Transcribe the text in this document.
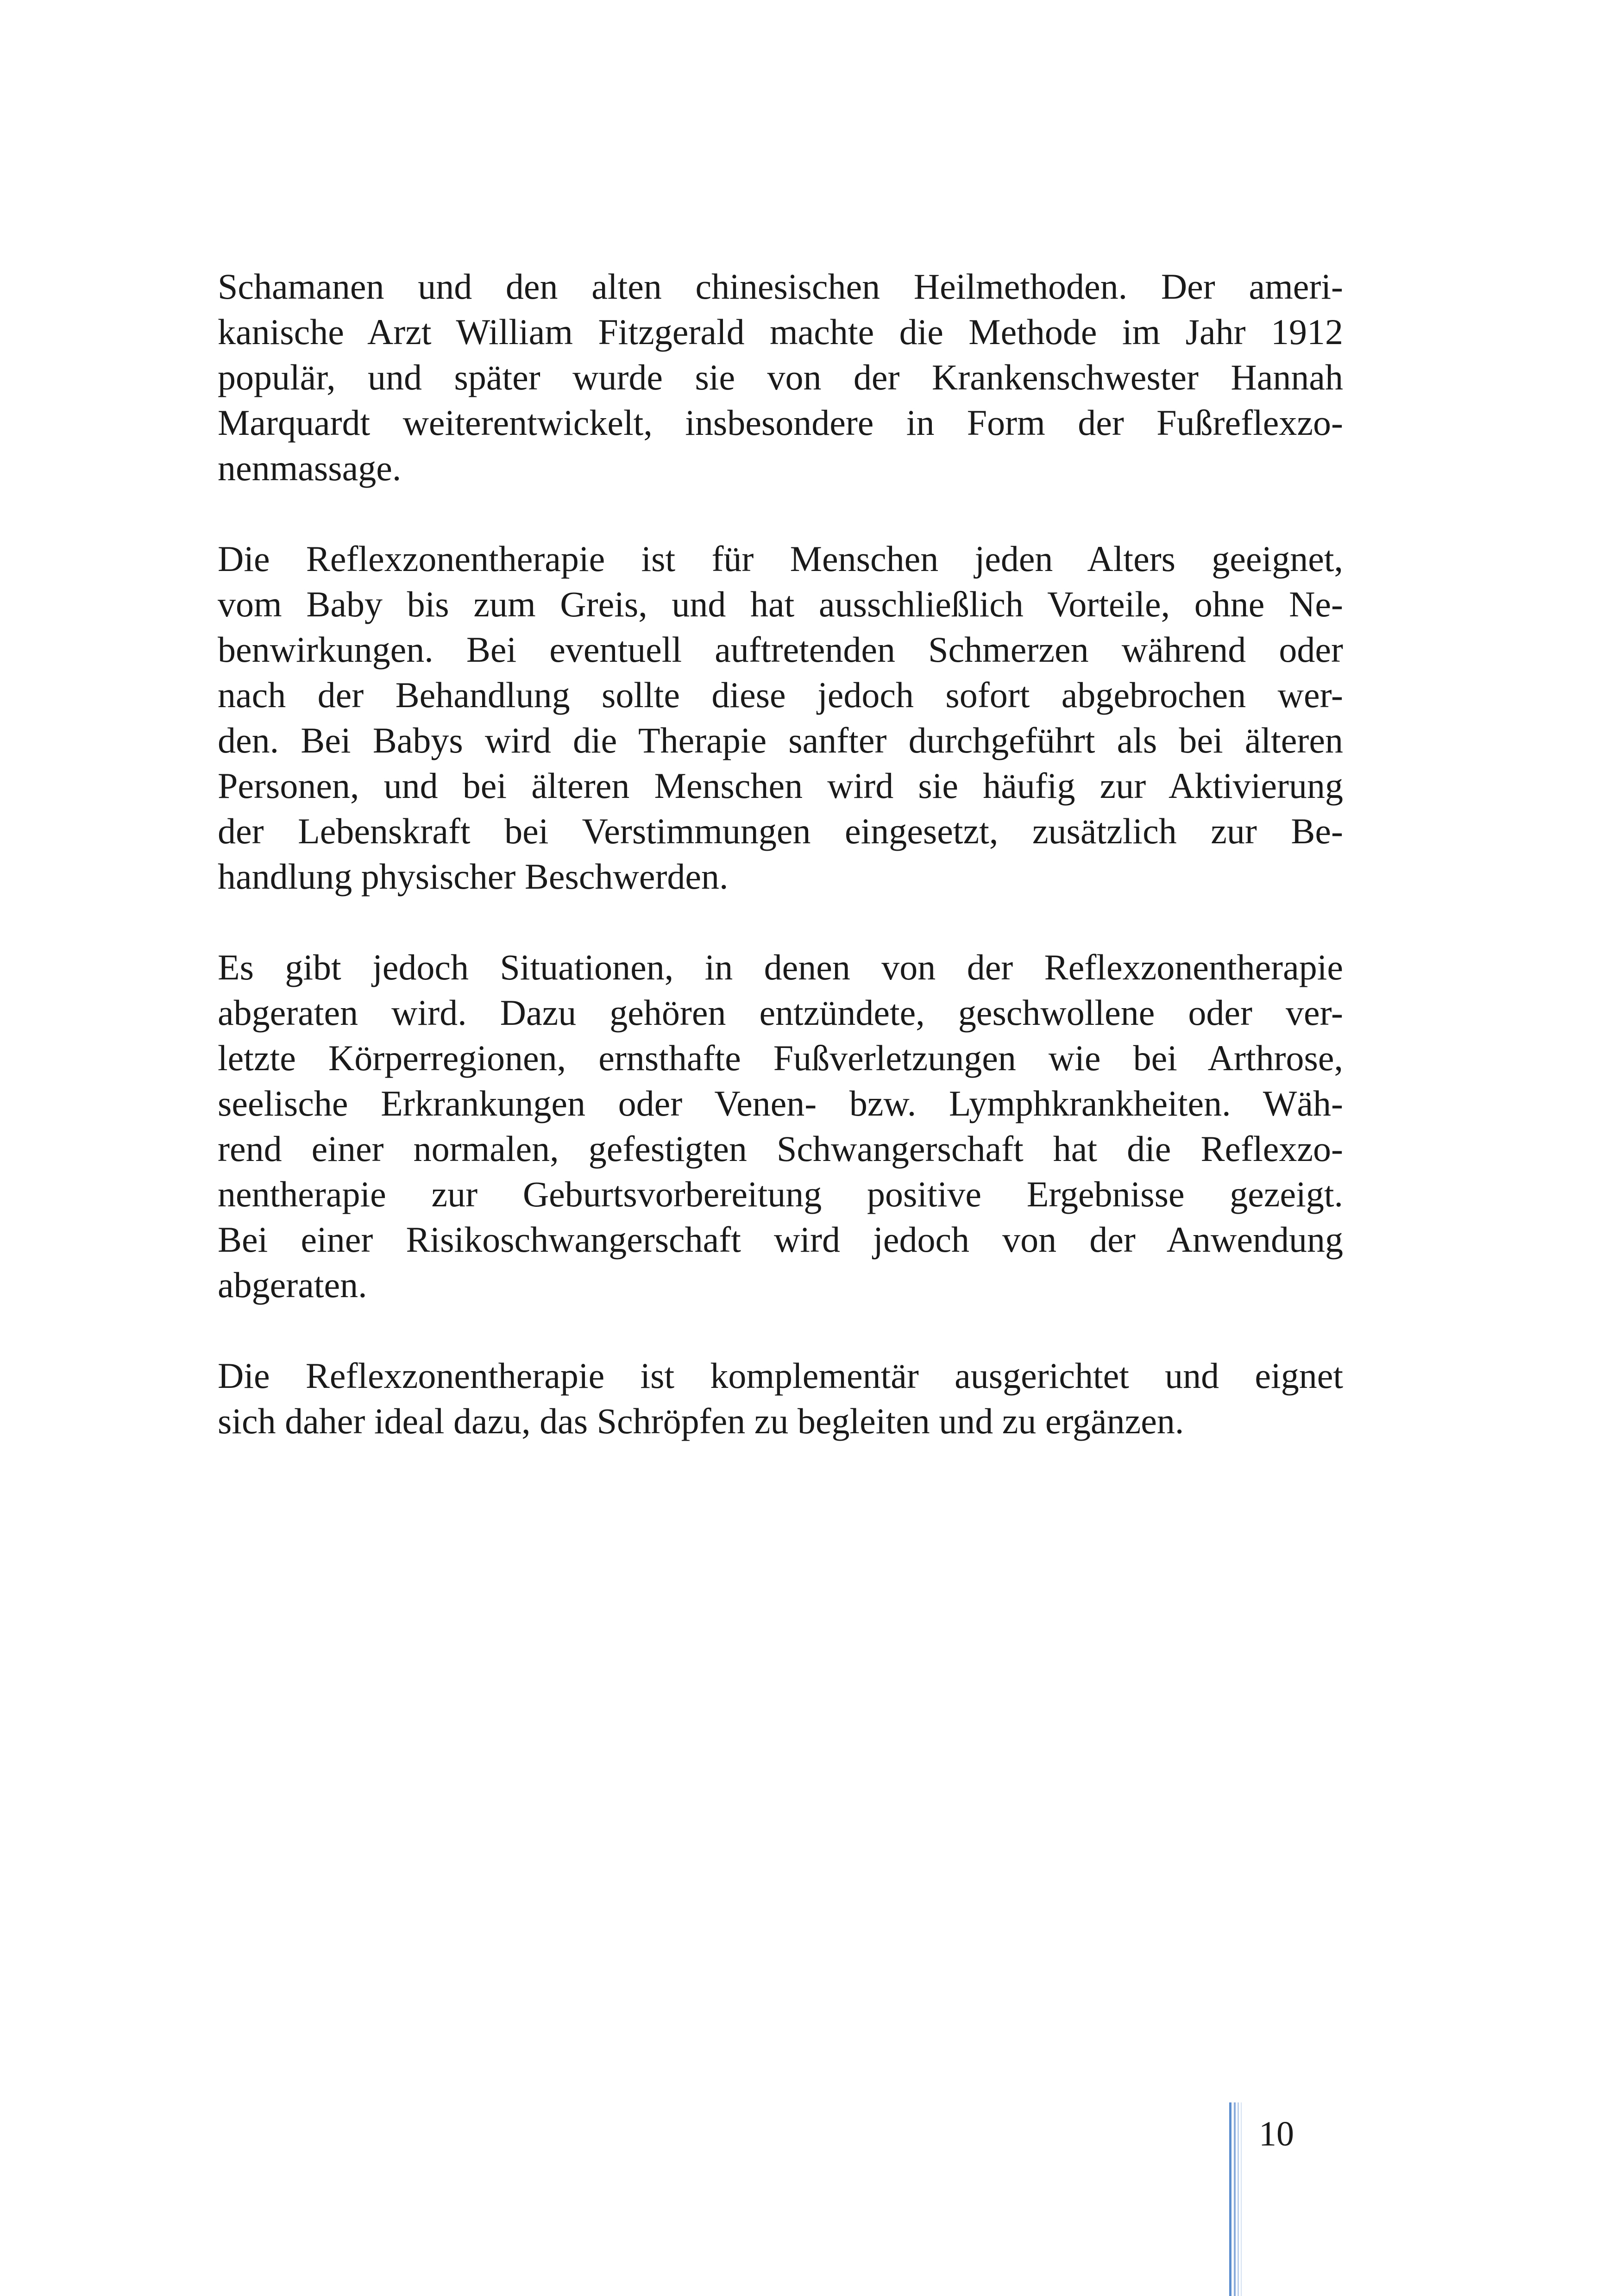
Schamanen und den alten chinesischen Heilmethoden. Der ameri-
kanische Arzt William Fitzgerald machte die Methode im Jahr 1912
populär, und später wurde sie von der Krankenschwester Hannah
Marquardt weiterentwickelt, insbesondere in Form der Fußreflexzo-
nenmassage.

Die Reflexzonentherapie ist für Menschen jeden Alters geeignet,
vom Baby bis zum Greis, und hat ausschließlich Vorteile, ohne Ne-
benwirkungen. Bei eventuell auftretenden Schmerzen während oder
nach der Behandlung sollte diese jedoch sofort abgebrochen wer-
den. Bei Babys wird die Therapie sanfter durchgeführt als bei älteren
Personen, und bei älteren Menschen wird sie häufig zur Aktivierung
der Lebenskraft bei Verstimmungen eingesetzt, zusätzlich zur Be-
handlung physischer Beschwerden.

Es gibt jedoch Situationen, in denen von der Reflexzonentherapie
abgeraten wird. Dazu gehören entzündete, geschwollene oder ver-
letzte Körperregionen, ernsthafte Fußverletzungen wie bei Arthrose,
seelische Erkrankungen oder Venen- bzw. Lymphkrankheiten. Wäh-
rend einer normalen, gefestigten Schwangerschaft hat die Reflexzo-
nentherapie zur Geburtsvorbereitung positive Ergebnisse gezeigt.
Bei einer Risikoschwangerschaft wird jedoch von der Anwendung
abgeraten.

Die Reflexzonentherapie ist komplementär ausgerichtet und eignet
sich daher ideal dazu, das Schröpfen zu begleiten und zu ergänzen.

10
